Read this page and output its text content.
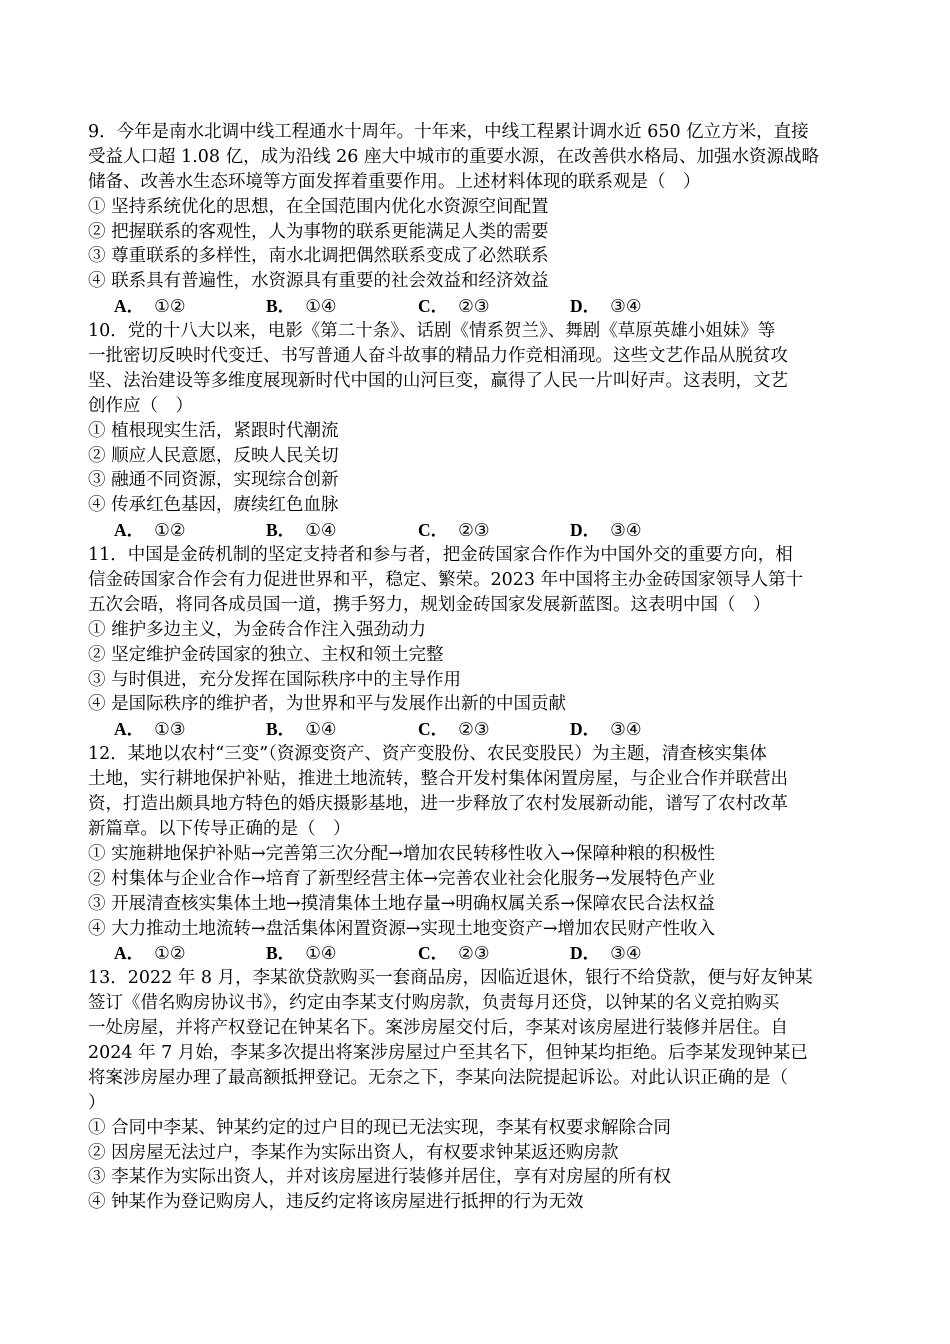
9．今年是南水北调中线工程通水十周年。十年来，中线工程累计调水近 650 亿立方米，直接
受益人口超 1.08 亿，成为沿线 26 座大中城市的重要水源，在改善供水格局、加强水资源战略
储备、改善水生态环境等方面发挥着重要作用。上述材料体现的联系观是（　）
① 坚持系统优化的思想，在全国范围内优化水资源空间配置
② 把握联系的客观性，人为事物的联系更能满足人类的需要
③ 尊重联系的多样性，南水北调把偶然联系变成了必然联系
④ 联系具有普遍性，水资源具有重要的社会效益和经济效益
A． ①②	B． ①④	C． ②③	D． ③④
10．党的十八大以来，电影《第二十条》、话剧《情系贺兰》、舞剧《草原英雄小姐妹》等
一批密切反映时代变迁、书写普通人奋斗故事的精品力作竞相涌现。这些文艺作品从脱贫攻
坚、法治建设等多维度展现新时代中国的山河巨变，赢得了人民一片叫好声。这表明，文艺
创作应（　）
① 植根现实生活，紧跟时代潮流
② 顺应人民意愿，反映人民关切
③ 融通不同资源，实现综合创新
④ 传承红色基因，赓续红色血脉
A． ①②	B． ①④	C． ②③	D． ③④
11．中国是金砖机制的坚定支持者和参与者，把金砖国家合作作为中国外交的重要方向，相
信金砖国家合作会有力促进世界和平，稳定、繁荣。2023 年中国将主办金砖国家领导人第十
五次会晤，将同各成员国一道，携手努力，规划金砖国家发展新蓝图。这表明中国（　）
① 维护多边主义，为金砖合作注入强劲动力
② 坚定维护金砖国家的独立、主权和领土完整
③ 与时俱进，充分发挥在国际秩序中的主导作用
④ 是国际秩序的维护者，为世界和平与发展作出新的中国贡献
A． ①③	B． ①④	C． ②③	D． ③④
12．某地以农村“三变”（资源变资产、资产变股份、农民变股民）为主题，清查核实集体
土地，实行耕地保护补贴，推进土地流转，整合开发村集体闲置房屋，与企业合作并联营出
资，打造出颇具地方特色的婚庆摄影基地，进一步释放了农村发展新动能，谱写了农村改革
新篇章。以下传导正确的是（　）
① 实施耕地保护补贴→完善第三次分配→增加农民转移性收入→保障种粮的积极性
② 村集体与企业合作→培育了新型经营主体→完善农业社会化服务→发展特色产业
③ 开展清查核实集体土地→摸清集体土地存量→明确权属关系→保障农民合法权益
④ 大力推动土地流转→盘活集体闲置资源→实现土地变资产→增加农民财产性收入
A． ①②	B． ①④	C． ②③	D． ③④
13．2022 年 8 月，李某欲贷款购买一套商品房，因临近退休，银行不给贷款，便与好友钟某
签订《借名购房协议书》，约定由李某支付购房款，负责每月还贷，以钟某的名义竞拍购买
一处房屋，并将产权登记在钟某名下。案涉房屋交付后，李某对该房屋进行装修并居住。自
2024 年 7 月始，李某多次提出将案涉房屋过户至其名下，但钟某均拒绝。后李某发现钟某已
将案涉房屋办理了最高额抵押登记。无奈之下，李某向法院提起诉讼。对此认识正确的是（
）
① 合同中李某、钟某约定的过户目的现已无法实现，李某有权要求解除合同
② 因房屋无法过户，李某作为实际出资人，有权要求钟某返还购房款
③ 李某作为实际出资人，并对该房屋进行装修并居住，享有对房屋的所有权
④ 钟某作为登记购房人，违反约定将该房屋进行抵押的行为无效
